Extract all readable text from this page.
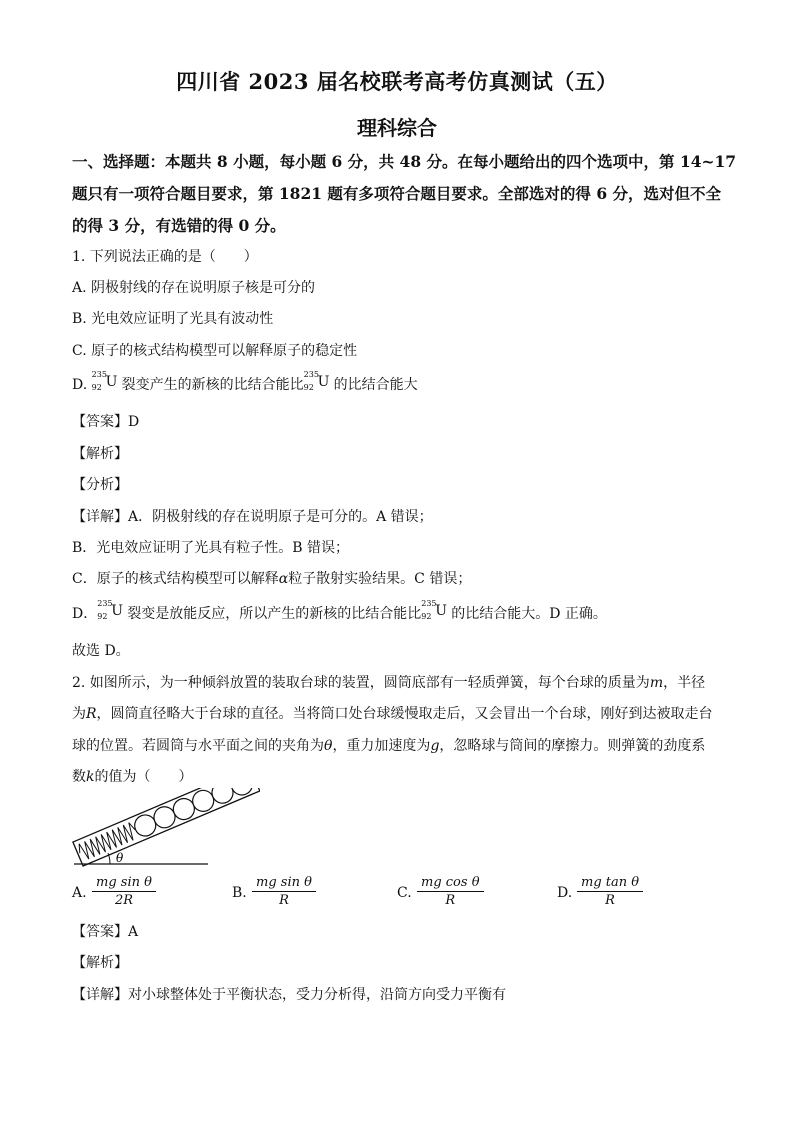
四川省 2023 届名校联考高考仿真测试（五）
理科综合
一、选择题：本题共 8 小题，每小题 6 分，共 48 分。在每小题给出的四个选项中，第 14~17
题只有一项符合题目要求，第 1821 题有多项符合题目要求。全部选对的得 6 分，选对但不全
的得 3 分，有选错的得 0 分。
1. 下列说法正确的是（　　）
A. 阴极射线的存在说明原子核是可分的
B. 光电效应证明了光具有波动性
C. 原子的核式结构模型可以解释原子的稳定性
D.
235
92 U 裂变产生的新核的比结合能比
235
92 U 的比结合能大
【答案】D
【解析】
【分析】
【详解】A．阴极射线的存在说明原子是可分的。A 错误；
B．光电效应证明了光具有粒子性。B 错误；
C．原子的核式结构模型可以解释α粒子散射实验结果。C 错误；
D．
235
92 U 裂变是放能反应，所以产生的新核的比结合能比
235
92 U 的比结合能大。D 正确。
故选 D。
2. 如图所示，为一种倾斜放置的装取台球的装置，圆筒底部有一轻质弹簧，每个台球的质量为m，半径
为R，圆筒直径略大于台球的直径。当将筒口处台球缓慢取走后，又会冒出一个台球，刚好到达被取走台
球的位置。若圆筒与水平面之间的夹角为θ，重力加速度为g，忽略球与筒间的摩擦力。则弹簧的劲度系
数k的值为（　　）
θ
A. $\frac{\text{mg sin θ}}{2R}$	B. $\frac{\text{mg sin θ}}{R}$	C. $\frac{\text{mg cos θ}}{R}$	D. $\frac{\text{mg tan θ}}{R}$
【答案】A
【解析】
【详解】对小球整体处于平衡状态，受力分析得，沿筒方向受力平衡有
